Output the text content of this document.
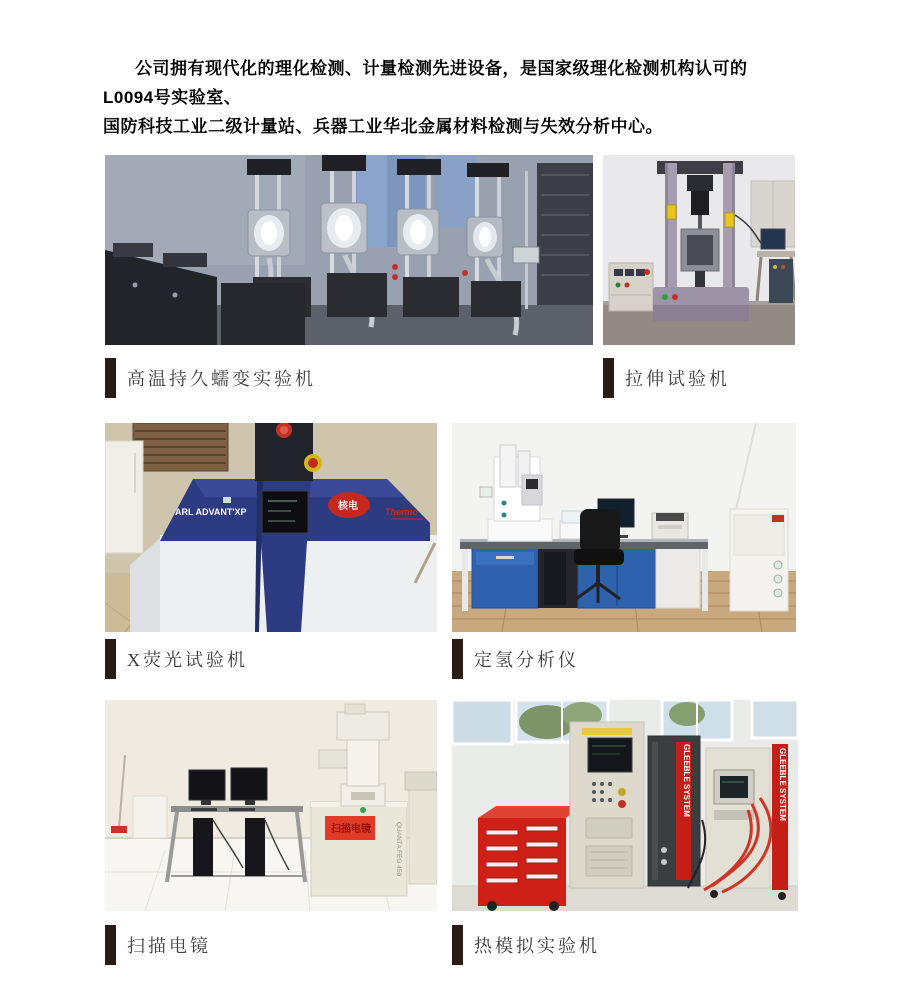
公司拥有现代化的理化检测、计量检测先进设备，是国家级理化检测机构认可的L0094号实验室、
国防科技工业二级计量站、兵器工业华北金属材料检测与失效分析中心。

高温持久蠕变实验机	拉伸试验机
ARL ADVANT'XP	核电	Thermo
X荧光试验机	定氢分析仪
扫描电镜	QUANTA FEG 450
扫描电镜
GLEEBLE SYSTEM	GLEEBLE SYSTEM
热模拟实验机
